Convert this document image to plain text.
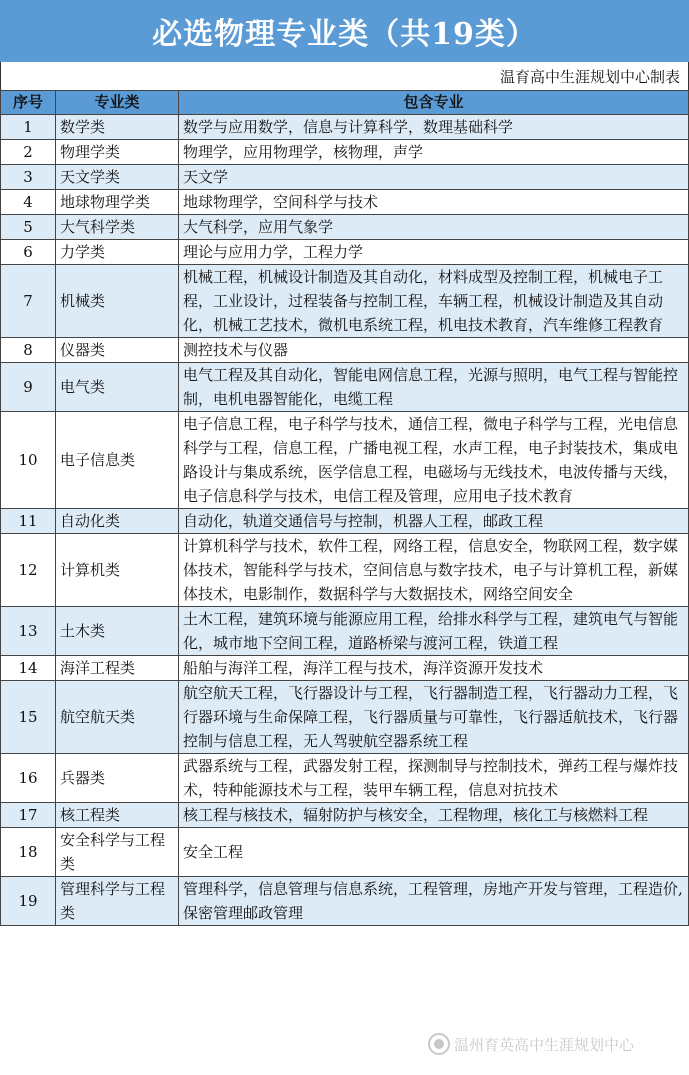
必选物理专业类（共19类）
温育高中生涯规划中心制表
序号	专业类	包含专业
1	数学类	数学与应用数学，信息与计算科学，数理基础科学
2	物理学类	物理学，应用物理学，核物理，声学
3	天文学类	天文学
4	地球物理学类	地球物理学，空间科学与技术
5	大气科学类	大气科学，应用气象学
6	力学类	理论与应用力学，工程力学
7	机械类	机械工程，机械设计制造及其自动化，材料成型及控制工程，机械电子工程，工业设计，过程装备与控制工程，车辆工程，机械设计制造及其自动化，机械工艺技术，微机电系统工程，机电技术教育，汽车维修工程教育
8	仪器类	测控技术与仪器
9	电气类	电气工程及其自动化，智能电网信息工程，光源与照明，电气工程与智能控制，电机电器智能化，电缆工程
10	电子信息类	电子信息工程，电子科学与技术，通信工程，微电子科学与工程，光电信息科学与工程，信息工程，广播电视工程，水声工程，电子封装技术，集成电路设计与集成系统，医学信息工程，电磁场与无线技术，电波传播与天线，电子信息科学与技术，电信工程及管理，应用电子技术教育
11	自动化类	自动化，轨道交通信号与控制，机器人工程，邮政工程
12	计算机类	计算机科学与技术，软件工程，网络工程，信息安全，物联网工程，数字媒体技术，智能科学与技术，空间信息与数字技术，电子与计算机工程，新媒体技术，电影制作，数据科学与大数据技术，网络空间安全
13	土木类	土木工程，建筑环境与能源应用工程，给排水科学与工程，建筑电气与智能化，城市地下空间工程，道路桥梁与渡河工程，铁道工程
14	海洋工程类	船舶与海洋工程，海洋工程与技术，海洋资源开发技术
15	航空航天类	航空航天工程，飞行器设计与工程，飞行器制造工程，飞行器动力工程，飞行器环境与生命保障工程，飞行器质量与可靠性，飞行器适航技术，飞行器控制与信息工程，无人驾驶航空器系统工程
16	兵器类	武器系统与工程，武器发射工程，探测制导与控制技术，弹药工程与爆炸技术，特种能源技术与工程，装甲车辆工程，信息对抗技术
17	核工程类	核工程与核技术，辐射防护与核安全，工程物理，核化工与核燃料工程
18	安全科学与工程类	安全工程
19	管理科学与工程类	管理科学，信息管理与信息系统，工程管理，房地产开发与管理，工程造价,保密管理邮政管理
温州育英高中生涯规划中心
